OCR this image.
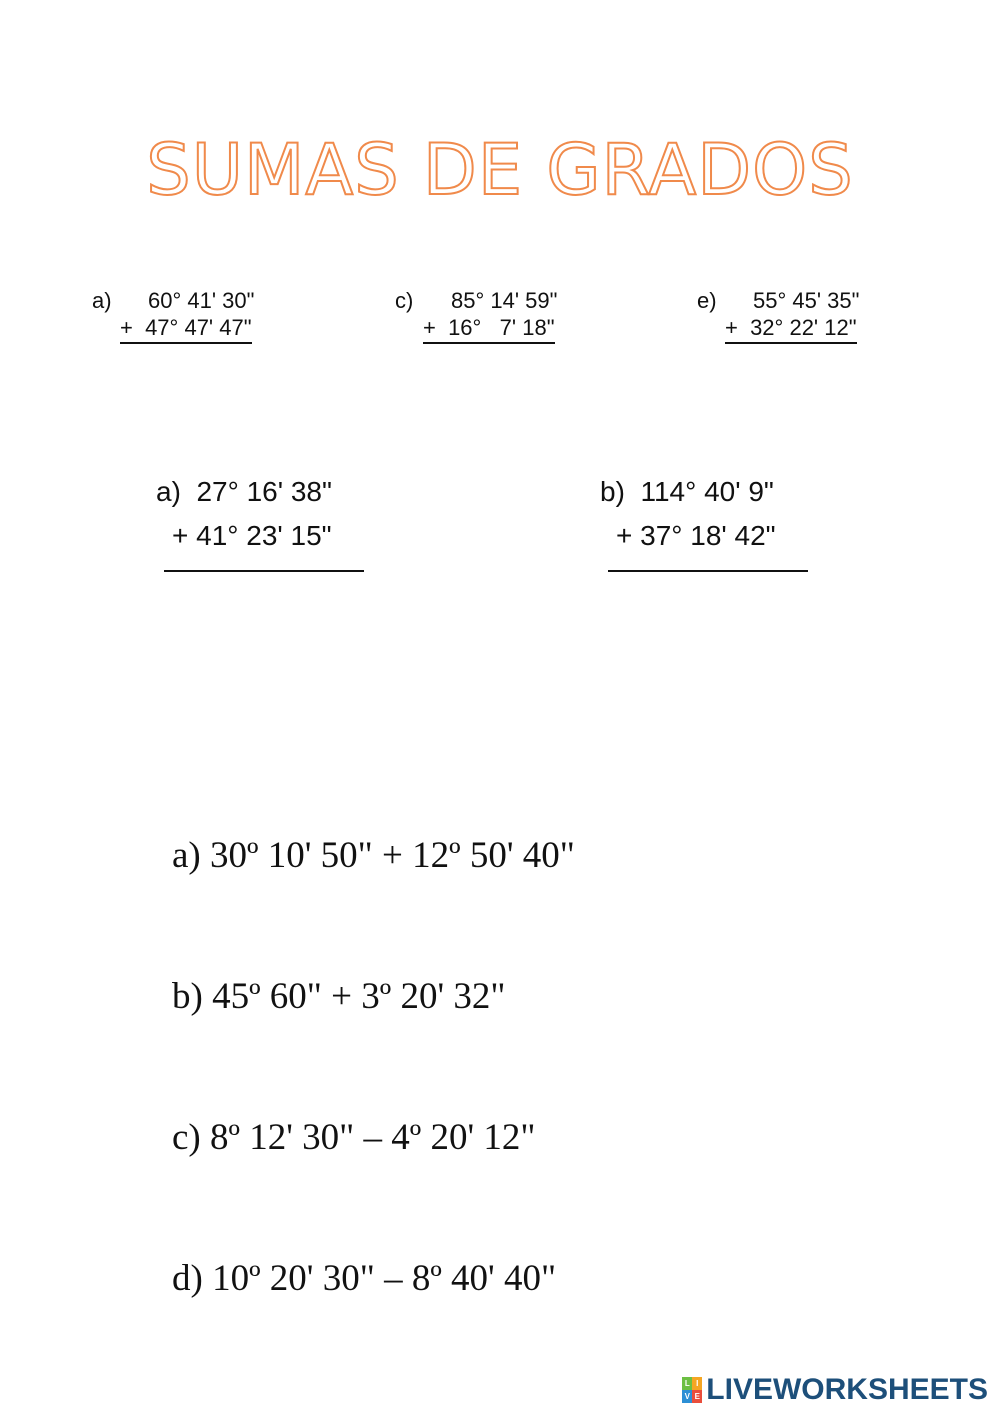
SUMAS DE GRADOS

a)

60° 41' 30"

+  47° 47' 47"

c)

85° 14' 59"

+  16°   7' 18"

e)

55° 45' 35"

+  32° 22' 12"

a)  27° 16' 38"

+ 41° 23' 15"

b)  114° 40' 9"

+ 37° 18' 42"

a) 30º 10' 50" + 12º 50' 40"

b) 45º 60" + 3º 20' 32"

c) 8º 12' 30" – 4º 20' 12"

d) 10º 20' 30" – 8º 40' 40"

L I
V E LIVEWORKSHEETS
